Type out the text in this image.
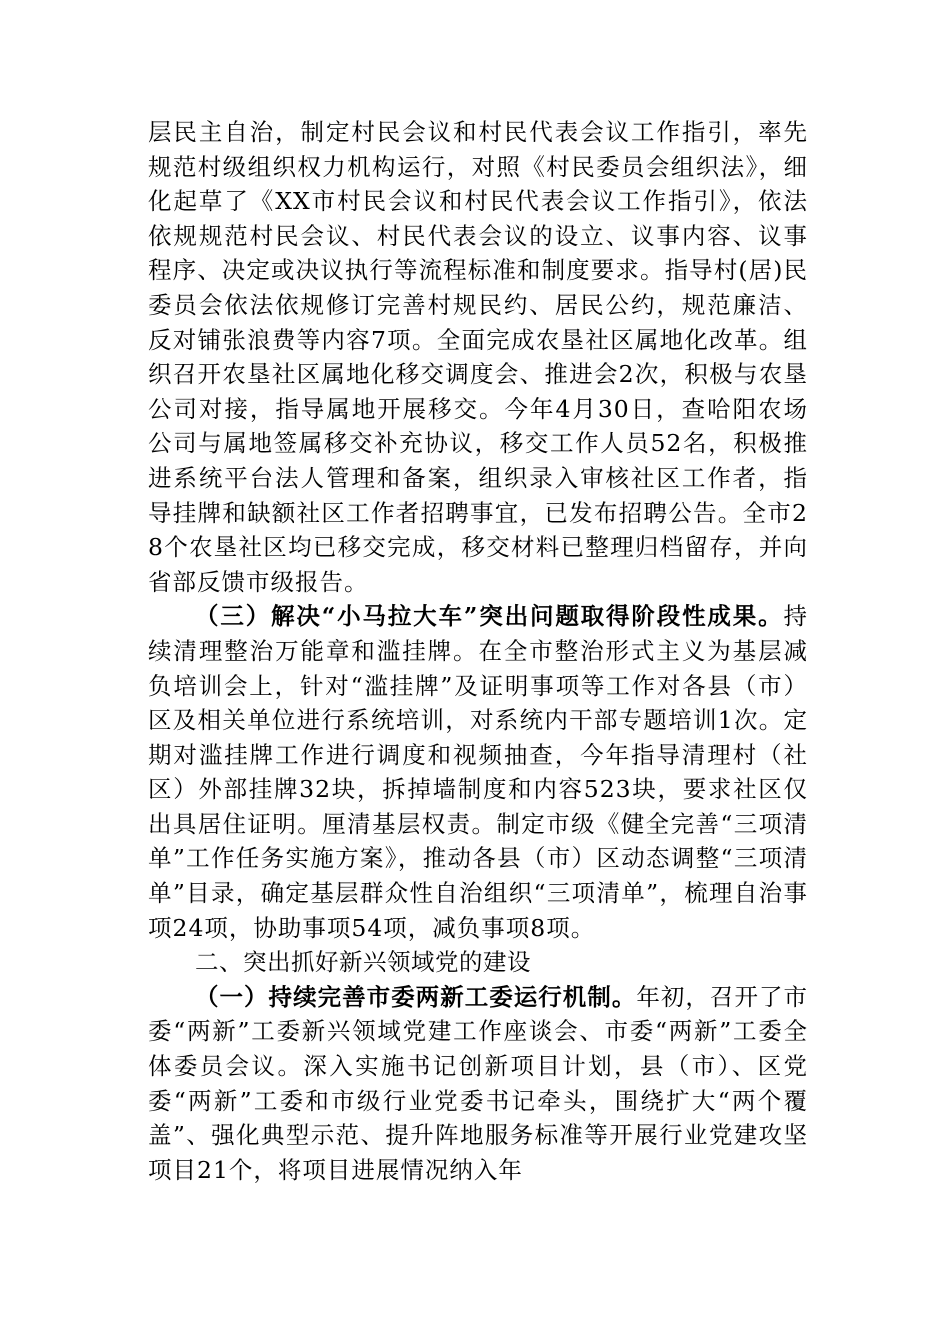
层民主自治，制定村民会议和村民代表会议工作指引，率先规范村级组织权力机构运行，对照《村民委员会组织法》，细化起草了《XX市村民会议和村民代表会议工作指引》，依法依规规范村民会议、村民代表会议的设立、议事内容、议事程序、决定或决议执行等流程标准和制度要求。指导村(居)民委员会依法依规修订完善村规民约、居民公约，规范廉洁、反对铺张浪费等内容7项。全面完成农垦社区属地化改革。组织召开农垦社区属地化移交调度会、推进会2次，积极与农垦公司对接，指导属地开展移交。今年4月30日，查哈阳农场公司与属地签属移交补充协议，移交工作人员52名，积极推进系统平台法人管理和备案，组织录入审核社区工作者，指导挂牌和缺额社区工作者招聘事宜，已发布招聘公告。全市28个农垦社区均已移交完成，移交材料已整理归档留存，并向省部反馈市级报告。

（三）解决“小马拉大车”突出问题取得阶段性成果。持续清理整治万能章和滥挂牌。在全市整治形式主义为基层减负培训会上，针对“滥挂牌”及证明事项等工作对各县（市）区及相关单位进行系统培训，对系统内干部专题培训1次。定期对滥挂牌工作进行调度和视频抽查，今年指导清理村（社区）外部挂牌32块，拆掉墙制度和内容523块，要求社区仅出具居住证明。厘清基层权责。制定市级《健全完善“三项清单”工作任务实施方案》，推动各县（市）区动态调整“三项清单”目录，确定基层群众性自治组织“三项清单”，梳理自治事项24项，协助事项54项，减负事项8项。

二、突出抓好新兴领域党的建设

（一）持续完善市委两新工委运行机制。年初，召开了市委“两新”工委新兴领域党建工作座谈会、市委“两新”工委全体委员会议。深入实施书记创新项目计划，县（市）、区党委“两新”工委和市级行业党委书记牵头，围绕扩大“两个覆盖”、强化典型示范、提升阵地服务标准等开展行业党建攻坚项目21个，将项目进展情况纳入年
